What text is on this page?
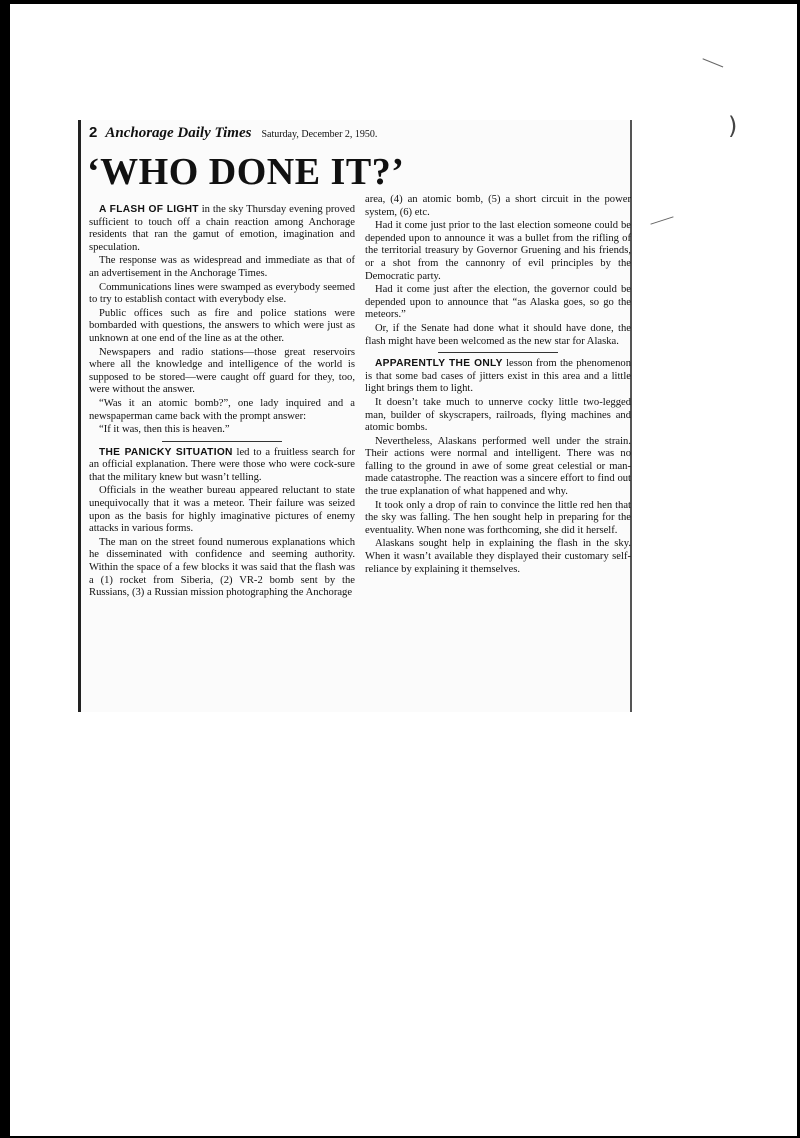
)
2 Anchorage Daily Times Saturday, December 2, 1950.
‘WHO DONE IT?’

A FLASH OF LIGHT in the sky Thursday evening proved sufficient to touch off a chain reaction among Anchorage residents that ran the gamut of emotion, imagination and speculation.

The response was as widespread and immediate as that of an advertisement in the Anchorage Times.

Communications lines were swamped as everybody seemed to try to establish contact with everybody else.

Public offices such as fire and police stations were bombarded with questions, the answers to which were just as unknown at one end of the line as at the other.

Newspapers and radio stations—those great reservoirs where all the knowledge and intelligence of the world is supposed to be stored—were caught off guard for they, too, were without the answer.

“Was it an atomic bomb?”, one lady inquired and a newspaperman came back with the prompt answer:

“If it was, then this is heaven.”

THE PANICKY SITUATION led to a fruitless search for an official explanation. There were those who were cock-sure that the military knew but wasn’t telling.

Officials in the weather bureau appeared reluctant to state unequivocally that it was a meteor. Their failure was seized upon as the basis for highly imaginative pictures of enemy attacks in various forms.

The man on the street found numerous explanations which he disseminated with confidence and seeming authority. Within the space of a few blocks it was said that the flash was a (1) rocket from Siberia, (2) VR-2 bomb sent by the Russians, (3) a Russian mission photographing the Anchorage

area, (4) an atomic bomb, (5) a short circuit in the power system, (6) etc.

Had it come just prior to the last election someone could be depended upon to announce it was a bullet from the rifling of the territorial treasury by Governor Gruening and his friends, or a shot from the cannonry of evil principles by the Democratic party.

Had it come just after the election, the governor could be depended upon to announce that “as Alaska goes, so go the meteors.”

Or, if the Senate had done what it should have done, the flash might have been welcomed as the new star for Alaska.

APPARENTLY THE ONLY lesson from the phenomenon is that some bad cases of jitters exist in this area and a little light brings them to light.

It doesn’t take much to unnerve cocky little two-legged man, builder of skyscrapers, railroads, flying machines and atomic bombs.

Nevertheless, Alaskans performed well under the strain. Their actions were normal and intelligent. There was no falling to the ground in awe of some great celestial or man-made catastrophe. The reaction was a sincere effort to find out the true explanation of what happened and why.

It took only a drop of rain to convince the little red hen that the sky was falling. The hen sought help in preparing for the eventuality. When none was forthcoming, she did it herself.

Alaskans sought help in explaining the flash in the sky. When it wasn’t available they displayed their customary self-reliance by explaining it themselves.
